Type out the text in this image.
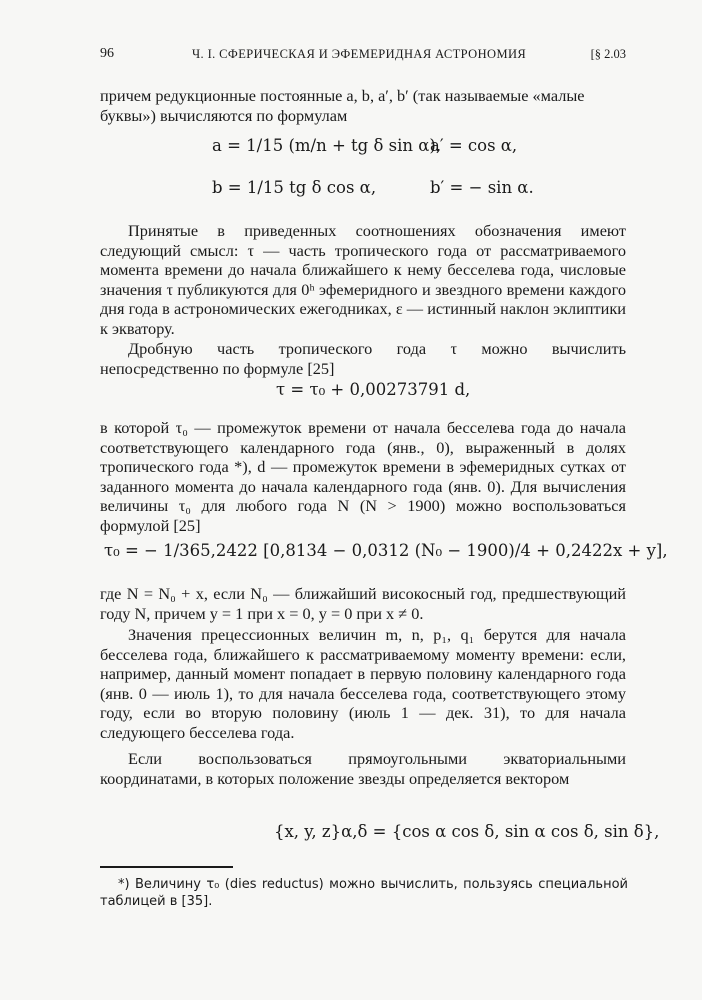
96	Ч. I. СФЕРИЧЕСКАЯ И ЭФЕМЕРИДНАЯ АСТРОНОМИЯ	[§ 2.03

причем редукционные постоянные a, b, a′, b′ (так называемые «малые буквы») вычисляются по формулам

a = 1/15 (m/n + tg δ sin α),
a′ = cos α,
b = 1/15 tg δ cos α,	b′ = − sin α.

Принятые в приведенных соотношениях обозначения имеют следующий смысл: τ — часть тропического года от рассматриваемого момента времени до начала ближайшего к нему бесселева года, числовые значения τ публикуются для 0ʰ эфемеридного и звездного времени каждого дня года в астрономических ежегодниках, ε — истинный наклон эклиптики к экватору.

Дробную часть тропического года τ можно вычислить непосредственно по формуле [25]

τ = τ₀ + 0,00273791 d,

в которой τ₀ — промежуток времени от начала бесселева года до начала соответствующего календарного года (янв., 0), выраженный в долях тропического года *), d — промежуток времени в эфемеридных сутках от заданного момента до начала календарного года (янв. 0). Для вычисления величины τ₀ для любого года N (N > 1900) можно воспользоваться формулой [25]

τ₀ = − 1/365,2422 [0,8134 − 0,0312 (N₀ − 1900)/4 + 0,2422x + y],

где N = N₀ + x, если N₀ — ближайший високосный год, предшествующий году N, причем y = 1 при x = 0, y = 0 при x ≠ 0.

Значения прецессионных величин m, n, p₁, q₁ берутся для начала бесселева года, ближайшего к рассматриваемому моменту времени: если, например, данный момент попадает в первую половину календарного года (янв. 0 — июль 1), то для начала бесселева года, соответствующего этому году, если во вторую половину (июль 1 — дек. 31), то для начала следующего бесселева года.

Если воспользоваться прямоугольными экваториальными координатами, в которых положение звезды определяется вектором

{x, y, z}α,δ = {cos α cos δ, sin α cos δ, sin δ},

*) Величину τ₀ (dies reductus) можно вычислить, пользуясь специальной таблицей в [35].
